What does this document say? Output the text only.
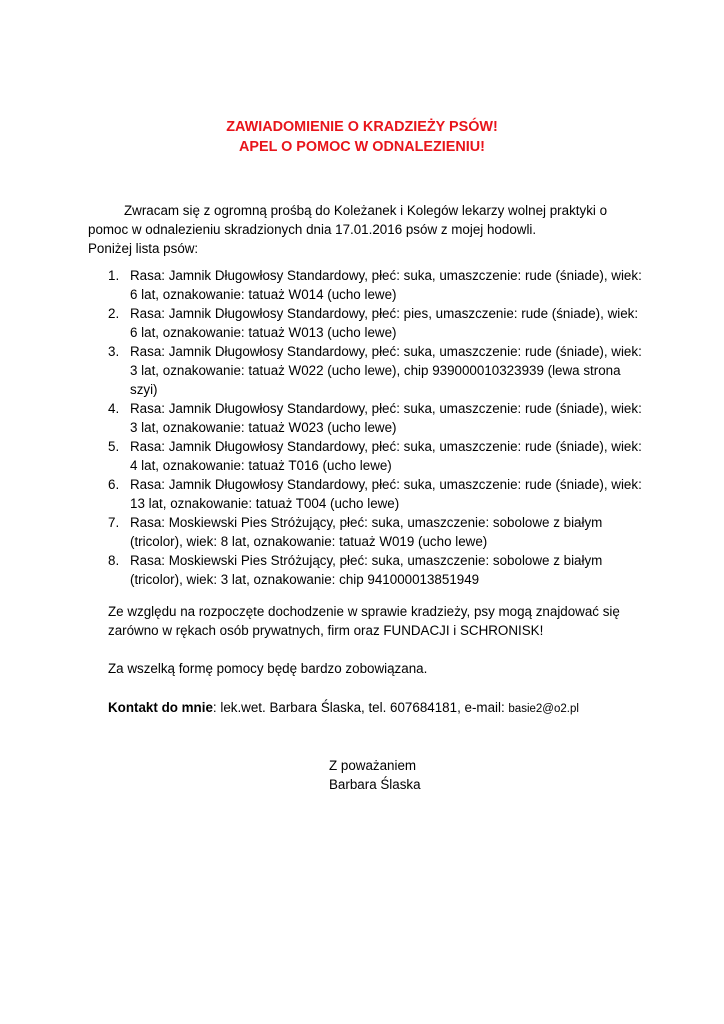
ZAWIADOMIENIE O KRADZIEŻY PSÓW!
APEL O POMOC W ODNALEZIENIU!
Zwracam się z ogromną prośbą do Koleżanek i Kolegów lekarzy wolnej praktyki o
pomoc w odnalezieniu skradzionych dnia 17.01.2016 psów z mojej hodowli.
Poniżej lista psów:
1. Rasa: Jamnik Długowłosy Standardowy, płeć: suka, umaszczenie: rude (śniade), wiek:
6 lat, oznakowanie: tatuaż W014 (ucho lewe)
2. Rasa: Jamnik Długowłosy Standardowy, płeć: pies, umaszczenie: rude (śniade), wiek:
6 lat, oznakowanie: tatuaż W013 (ucho lewe)
3. Rasa: Jamnik Długowłosy Standardowy, płeć: suka, umaszczenie: rude (śniade), wiek:
3 lat, oznakowanie: tatuaż W022 (ucho lewe), chip 939000010323939 (lewa strona
szyi)
4. Rasa: Jamnik Długowłosy Standardowy, płeć: suka, umaszczenie: rude (śniade), wiek:
3 lat, oznakowanie: tatuaż W023 (ucho lewe)
5. Rasa: Jamnik Długowłosy Standardowy, płeć: suka, umaszczenie: rude (śniade), wiek:
4 lat, oznakowanie: tatuaż T016 (ucho lewe)
6. Rasa: Jamnik Długowłosy Standardowy, płeć: suka, umaszczenie: rude (śniade), wiek:
13 lat, oznakowanie: tatuaż T004 (ucho lewe)
7. Rasa: Moskiewski Pies Stróżujący, płeć: suka, umaszczenie: sobolowe z białym
(tricolor), wiek: 8 lat, oznakowanie: tatuaż W019 (ucho lewe)
8. Rasa: Moskiewski Pies Stróżujący, płeć: suka, umaszczenie: sobolowe z białym
(tricolor), wiek: 3 lat, oznakowanie: chip 941000013851949
Ze względu na rozpoczęte dochodzenie w sprawie kradzieży, psy mogą znajdować się
zarówno w rękach osób prywatnych, firm oraz FUNDACJI i SCHRONISK!
Za wszelką formę pomocy będę bardzo zobowiązana.
Kontakt do mnie: lek.wet. Barbara Ślaska, tel. 607684181, e-mail: basie2@o2.pl
Z poważaniem
Barbara Ślaska
